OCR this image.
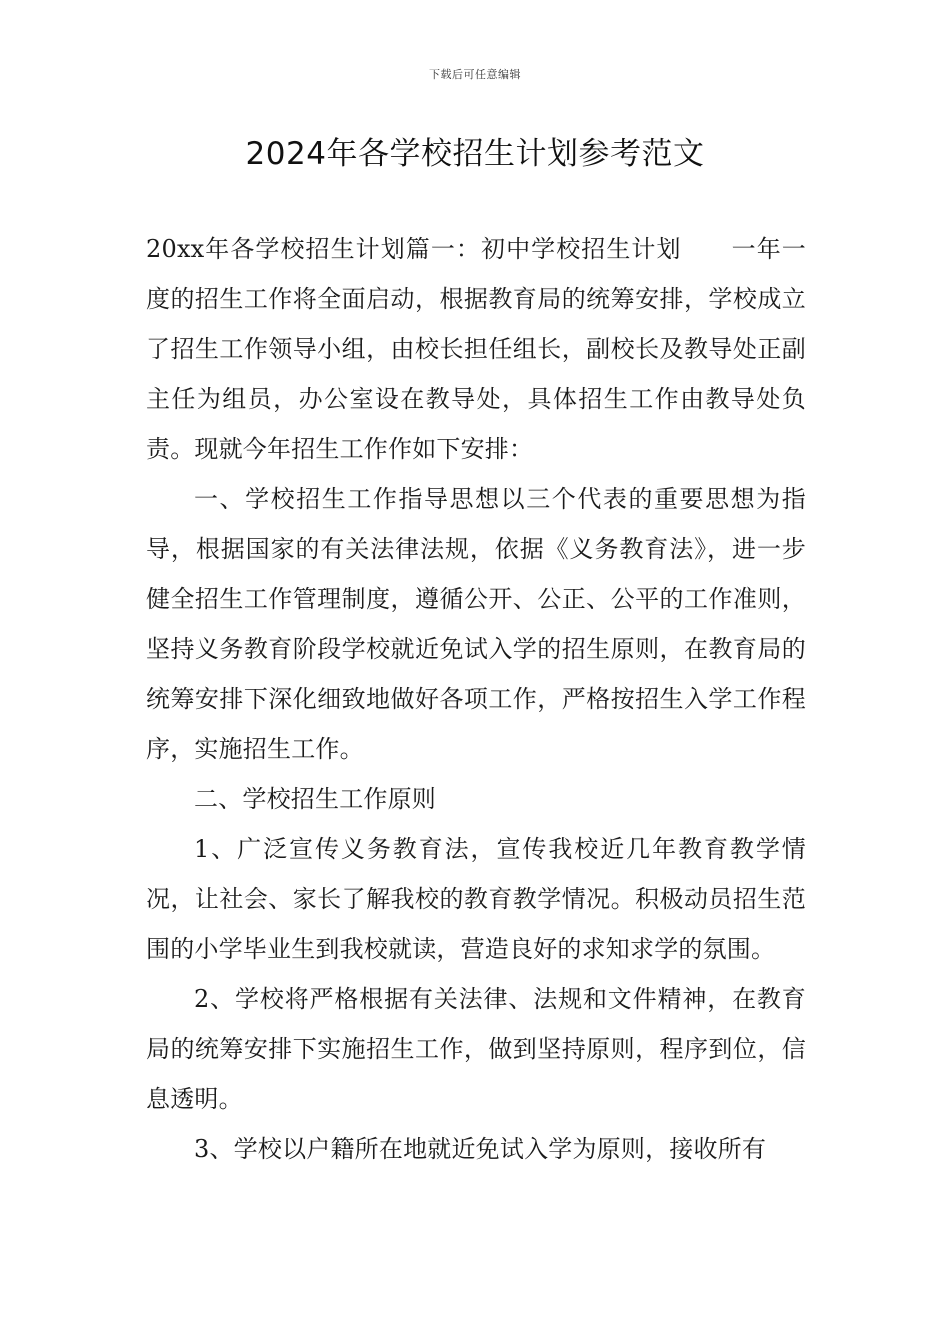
下载后可任意编辑
2024年各学校招生计划参考范文

20xx年各学校招生计划篇一：初中学校招生计划　　一年一度的招生工作将全面启动，根据教育局的统筹安排，学校成立了招生工作领导小组，由校长担任组长，副校长及教导处正副主任为组员，办公室设在教导处，具体招生工作由教导处负责。现就今年招生工作作如下安排：

一、学校招生工作指导思想以三个代表的重要思想为指导，根据国家的有关法律法规，依据《义务教育法》，进一步健全招生工作管理制度，遵循公开、公正、公平的工作准则，坚持义务教育阶段学校就近免试入学的招生原则，在教育局的统筹安排下深化细致地做好各项工作，严格按招生入学工作程序，实施招生工作。

二、学校招生工作原则

1、广泛宣传义务教育法，宣传我校近几年教育教学情况，让社会、家长了解我校的教育教学情况。积极动员招生范围的小学毕业生到我校就读，营造良好的求知求学的氛围。

2、学校将严格根据有关法律、法规和文件精神，在教育局的统筹安排下实施招生工作，做到坚持原则，程序到位，信息透明。

3、学校以户籍所在地就近免试入学为原则，接收所有
